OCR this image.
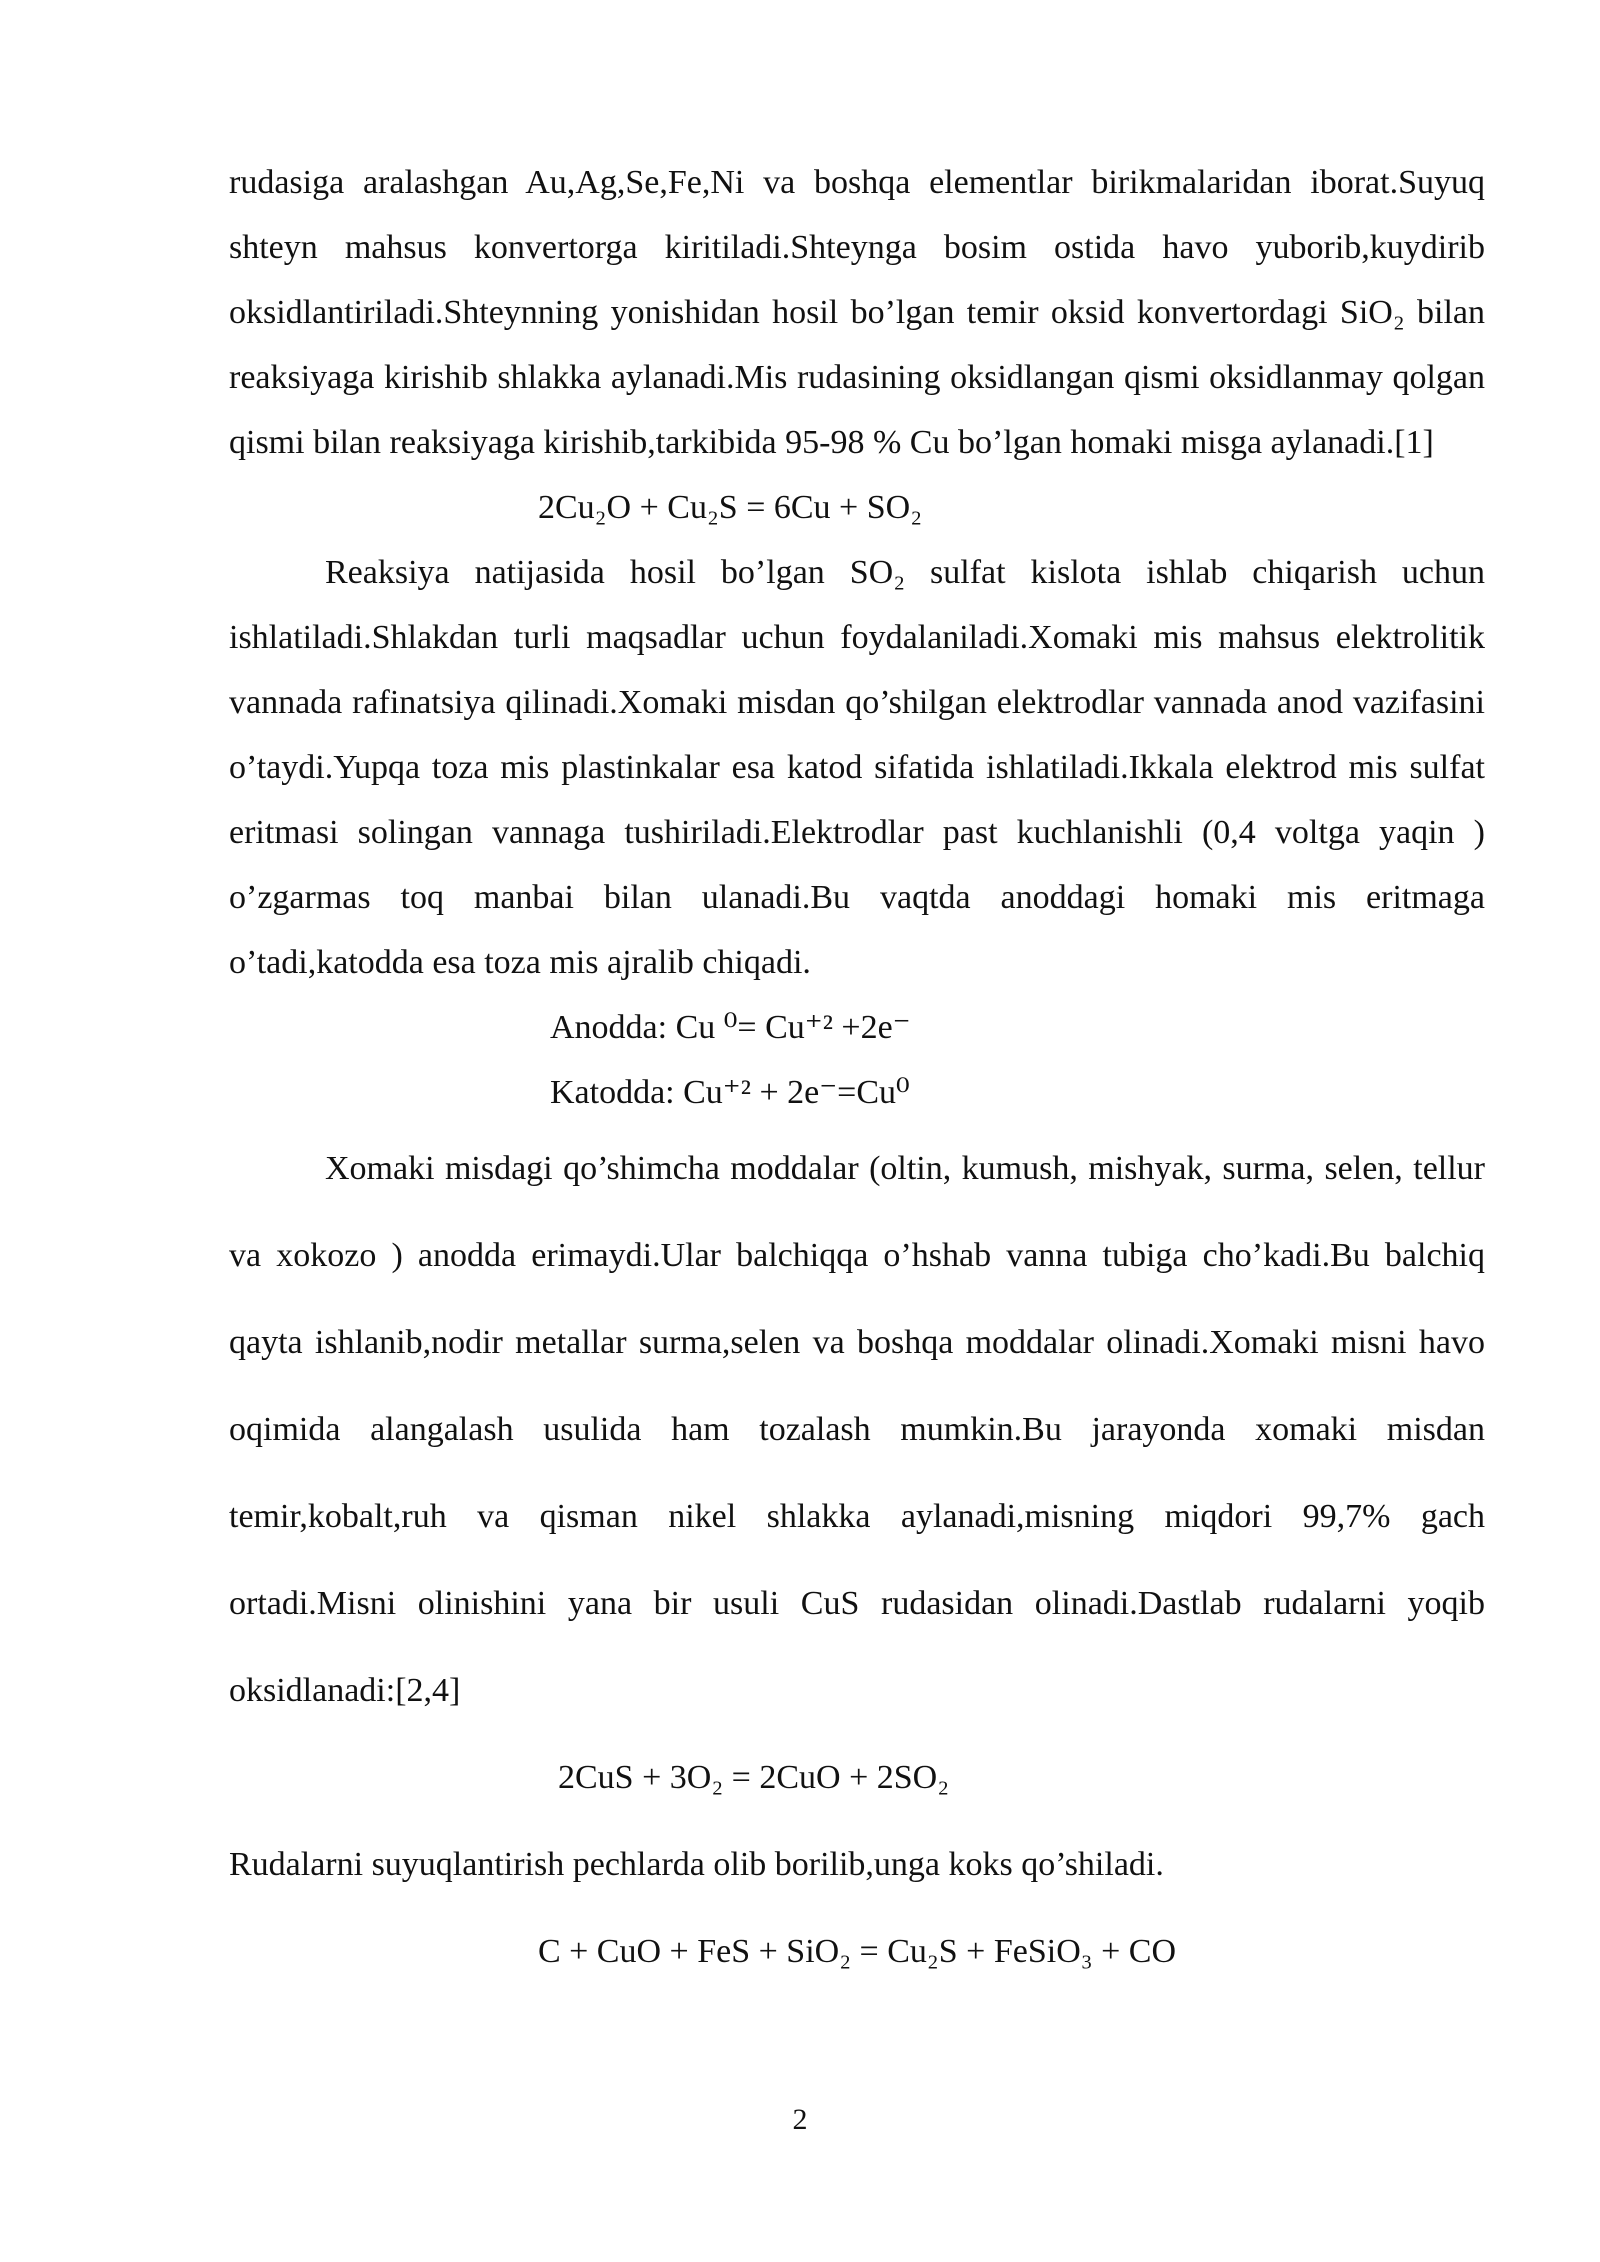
rudasiga aralashgan Au,Ag,Se,Fe,Ni va boshqa elementlar birikmalaridan iborat.Suyuq shteyn mahsus konvertorga kiritiladi.Shteynga bosim ostida havo yuborib,kuydirib oksidlantiriladi.Shteynning yonishidan hosil bo’lgan temir oksid konvertordagi SiO₂ bilan reaksiyaga kirishib shlakka aylanadi.Mis rudasining oksidlangan qismi oksidlanmay qolgan qismi bilan reaksiyaga kirishib,tarkibida 95-98 % Cu bo’lgan homaki misga aylanadi.[1]

2Cu₂O + Cu₂S = 6Cu + SO₂

Reaksiya natijasida hosil bo’lgan SO₂ sulfat kislota ishlab chiqarish uchun ishlatiladi.Shlakdan turli maqsadlar uchun foydalaniladi.Xomaki mis mahsus elektrolitik vannada rafinatsiya qilinadi.Xomaki misdan qo’shilgan elektrodlar vannada anod vazifasini o’taydi.Yupqa toza mis plastinkalar esa katod sifatida ishlatiladi.Ikkala elektrod mis sulfat eritmasi solingan vannaga tushiriladi.Elektrodlar past kuchlanishli (0,4 voltga yaqin ) o’zgarmas toq manbai bilan ulanadi.Bu vaqtda anoddagi homaki mis eritmaga o’tadi,katodda esa toza mis ajralib chiqadi.

Anodda: Cu ⁰= Cu⁺² +2e⁻

Katodda: Cu⁺² + 2e⁻=Cu⁰

Xomaki misdagi qo’shimcha moddalar (oltin, kumush, mishyak, surma, selen, tellur va xokozo ) anodda erimaydi.Ular balchiqqa o’hshab vanna tubiga cho’kadi.Bu balchiq qayta ishlanib,nodir metallar surma,selen va boshqa moddalar olinadi.Xomaki misni havo oqimida alangalash usulida ham tozalash mumkin.Bu jarayonda xomaki misdan temir,kobalt,ruh va qisman nikel shlakka aylanadi,misning miqdori 99,7% gach ortadi.Misni olinishini yana bir usuli CuS rudasidan olinadi.Dastlab rudalarni yoqib oksidlanadi:[2,4]

2CuS + 3O₂ = 2CuO + 2SO₂

Rudalarni suyuqlantirish pechlarda olib borilib,unga koks qo’shiladi.

C + CuO + FeS + SiO₂ = Cu₂S + FeSiO₃ + CO

2
